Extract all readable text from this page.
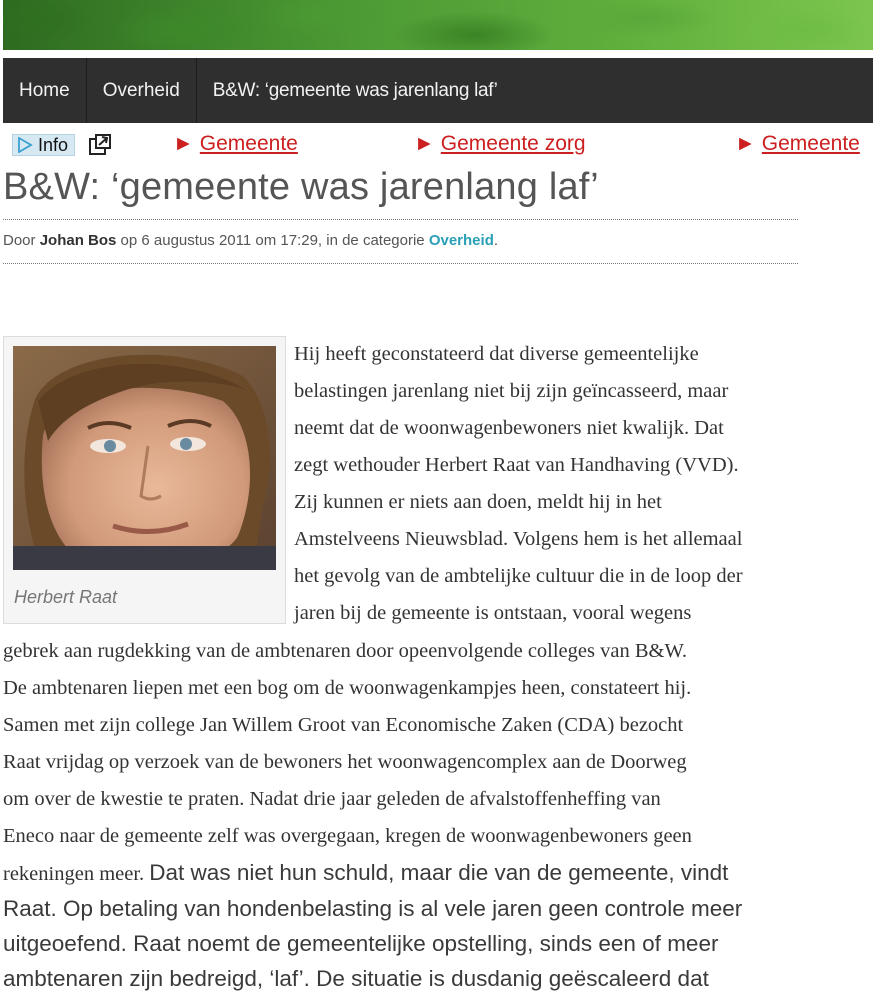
Home	Overheid	B&W: ‘gemeente was jarenlang laf’
Info	► Gemeente	► Gemeente zorg	► Gemeente
B&W: ‘gemeente was jarenlang laf’
Door Johan Bos op 6 augustus 2011 om 17:29, in de categorie Overheid.
Herbert Raat
Hij heeft geconstateerd dat diverse gemeentelijke
belastingen jarenlang niet bij zijn geïncasseerd, maar
neemt dat de woonwagenbewoners niet kwalijk. Dat
zegt wethouder Herbert Raat van Handhaving (VVD).
Zij kunnen er niets aan doen, meldt hij in het
Amstelveens Nieuwsblad. Volgens hem is het allemaal
het gevolg van de ambtelijke cultuur die in de loop der
jaren bij de gemeente is ontstaan, vooral wegens
gebrek aan rugdekking van de ambtenaren door opeenvolgende colleges van B&W.
De ambtenaren liepen met een bog om de woonwagenkampjes heen, constateert hij.
Samen met zijn college Jan Willem Groot van Economische Zaken (CDA) bezocht
Raat vrijdag op verzoek van de bewoners het woonwagencomplex aan de Doorweg
om over de kwestie te praten. Nadat drie jaar geleden de afvalstoffenheffing van
Eneco naar de gemeente zelf was overgegaan, kregen de woonwagenbewoners geen
rekeningen meer. Dat was niet hun schuld, maar die van de gemeente, vindt
Raat. Op betaling van hondenbelasting is al vele jaren geen controle meer
uitgeoefend. Raat noemt de gemeentelijke opstelling, sinds een of meer
ambtenaren zijn bedreigd, ‘laf’. De situatie is dusdanig geëscaleerd dat
